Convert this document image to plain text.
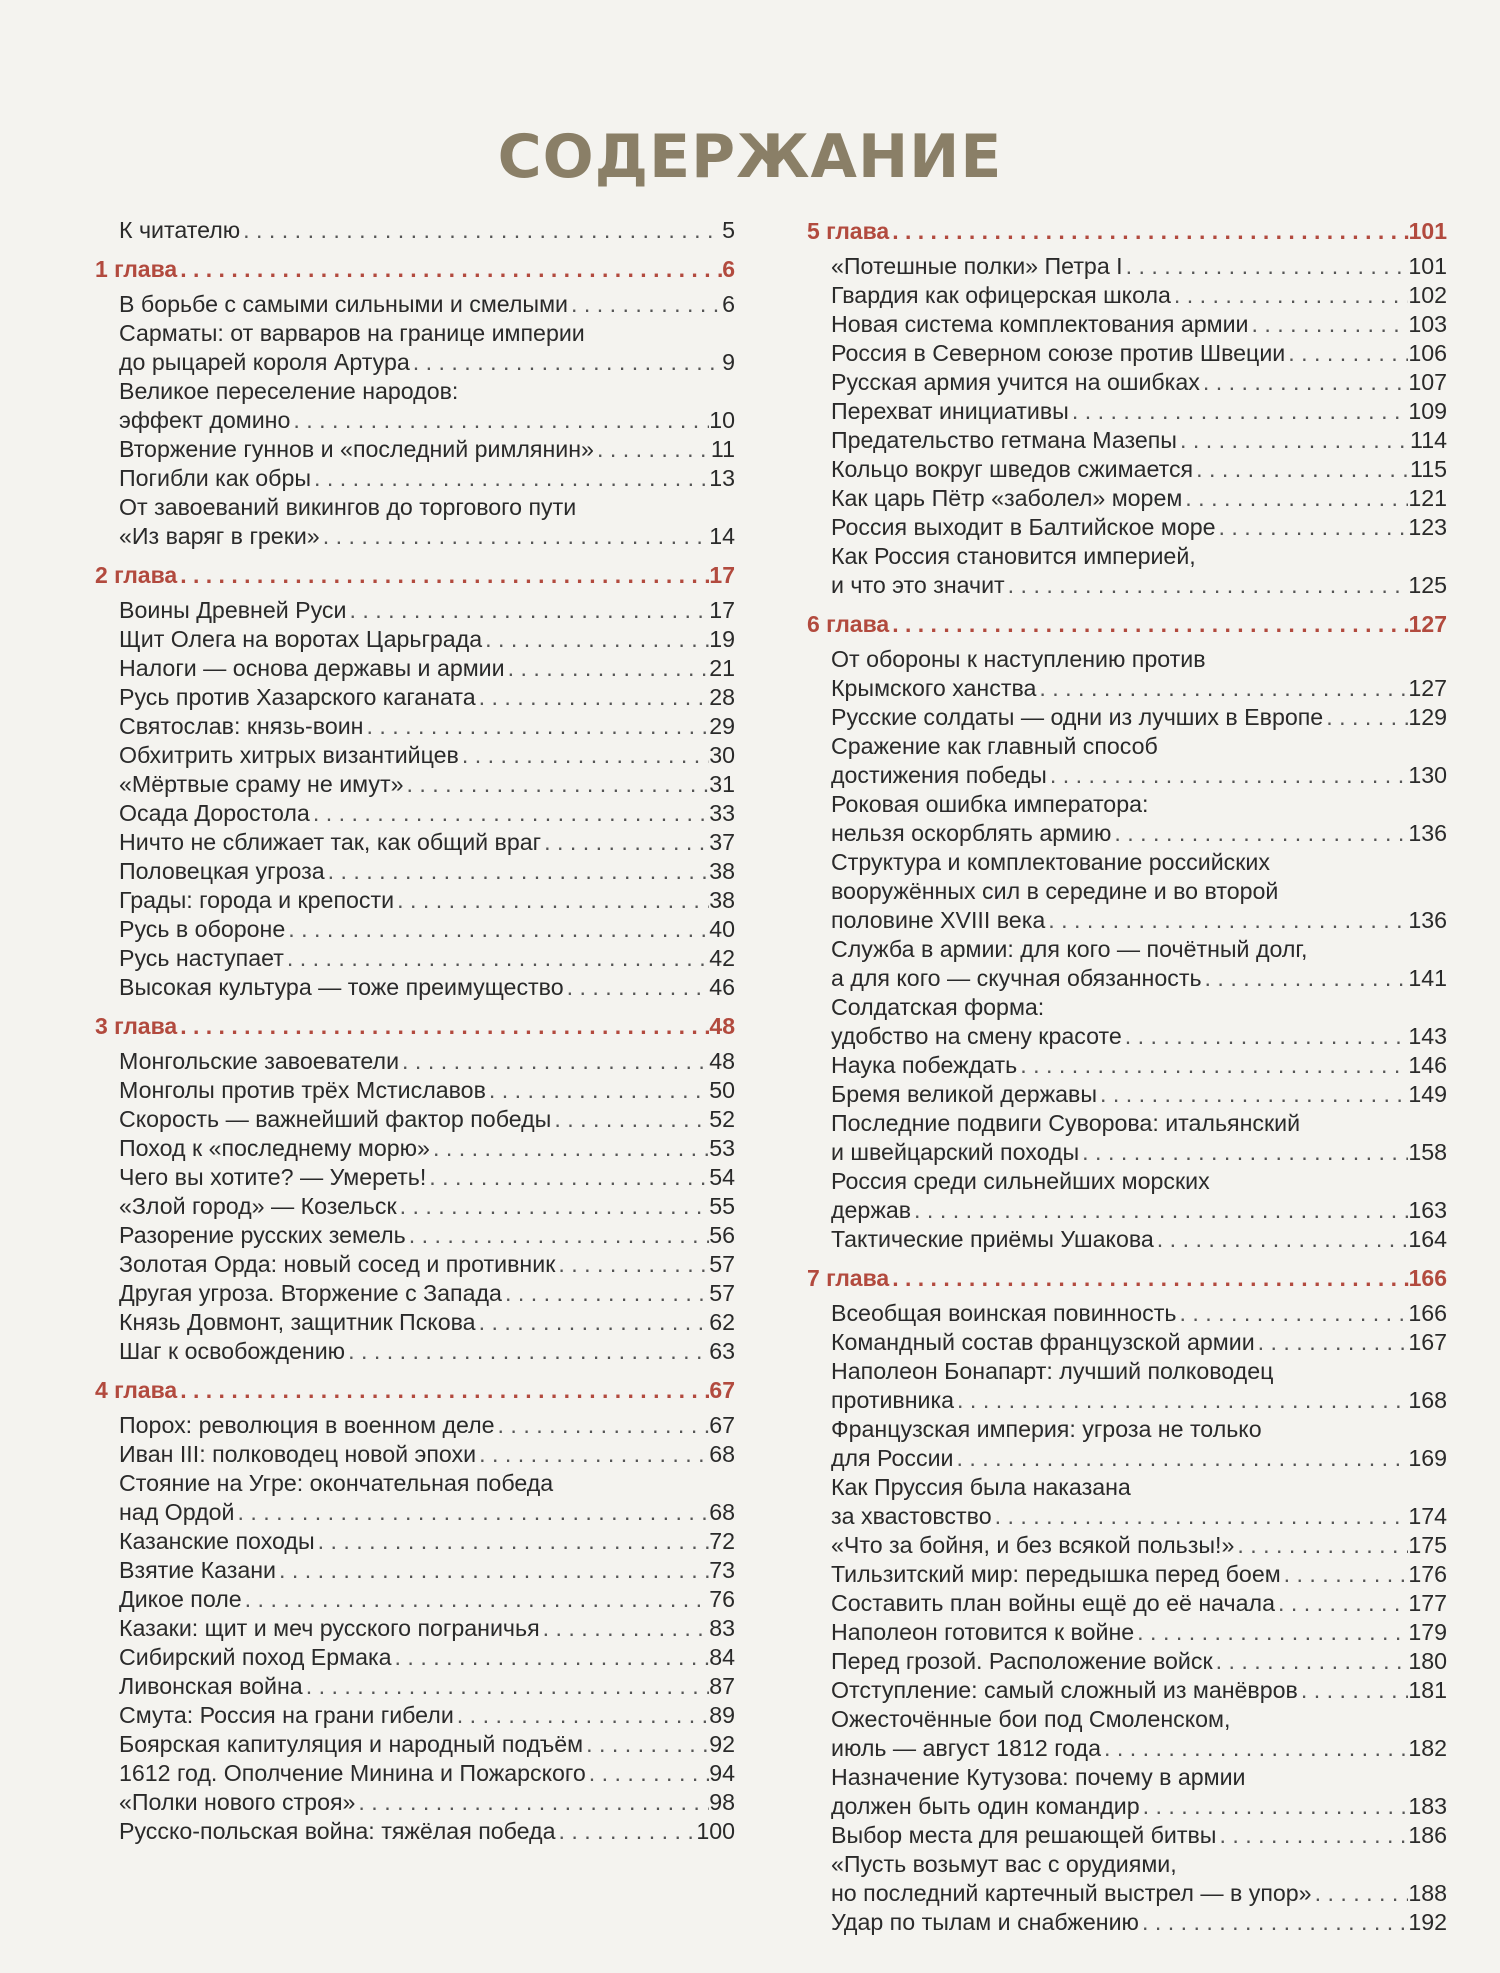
СОДЕРЖАНИЕ
К читателю . . .	5
1 глава . . .	6
В борьбе с самыми сильными и смелыми . . .	6
Сарматы: от варваров на границе империи
до рыцарей короля Артура . . .	9
Великое переселение народов:
эффект домино . . .	10
Вторжение гуннов и «последний римлянин» . . .	11
Погибли как обры . . .	13
От завоеваний викингов до торгового пути
«Из варяг в греки» . . .	14
2 глава . . .	17
Воины Древней Руси . . .	17
Щит Олега на воротах Царьграда . . .	19
Налоги — основа державы и армии . . .	21
Русь против Хазарского каганата . . .	28
Святослав: князь-воин . . .	29
Обхитрить хитрых византийцев . . .	30
«Мёртвые сраму не имут» . . .	31
Осада Доростола . . .	33
Ничто не сближает так, как общий враг . . .	37
Половецкая угроза . . .	38
Грады: города и крепости . . .	38
Русь в обороне . . .	40
Русь наступает . . .	42
Высокая культура — тоже преимущество . . .	46
3 глава . . .	48
Монгольские завоеватели . . .	48
Монголы против трёх Мстиславов . . .	50
Скорость — важнейший фактор победы . . .	52
Поход к «последнему морю» . . .	53
Чего вы хотите? — Умереть! . . .	54
«Злой город» — Козельск . . .	55
Разорение русских земель . . .	56
Золотая Орда: новый сосед и противник . . .	57
Другая угроза. Вторжение с Запада . . .	57
Князь Довмонт, защитник Пскова . . .	62
Шаг к освобождению . . .	63
4 глава . . .	67
Порох: революция в военном деле . . .	67
Иван III: полководец новой эпохи . . .	68
Стояние на Угре: окончательная победа
над Ордой . . .	68
Казанские походы . . .	72
Взятие Казани . . .	73
Дикое поле . . .	76
Казаки: щит и меч русского пограничья . . .	83
Сибирский поход Ермака . . .	84
Ливонская война . . .	87
Смута: Россия на грани гибели . . .	89
Боярская капитуляция и народный подъём . . .	92
1612 год. Ополчение Минина и Пожарского . . .	94
«Полки нового строя» . . .	98
Русско-польская война: тяжёлая победа . . .	100
5 глава . . .	101
«Потешные полки» Петра I . . .	101
Гвардия как офицерская школа . . .	102
Новая система комплектования армии . . .	103
Россия в Северном союзе против Швеции . . .	106
Русская армия учится на ошибках . . .	107
Перехват инициативы . . .	109
Предательство гетмана Мазепы . . .	114
Кольцо вокруг шведов сжимается . . .	115
Как царь Пётр «заболел» морем . . .	121
Россия выходит в Балтийское море . . .	123
Как Россия становится империей,
и что это значит . . .	125
6 глава . . .	127
От обороны к наступлению против
Крымского ханства . . .	127
Русские солдаты — одни из лучших в Европе . . .	129
Сражение как главный способ
достижения победы . . .	130
Роковая ошибка императора:
нельзя оскорблять армию . . .	136
Структура и комплектование российских
вооружённых сил в середине и во второй
половине XVIII века . . .	136
Служба в армии: для кого — почётный долг,
а для кого — скучная обязанность . . .	141
Солдатская форма:
удобство на смену красоте . . .	143
Наука побеждать . . .	146
Бремя великой державы . . .	149
Последние подвиги Суворова: итальянский
и швейцарский походы . . .	158
Россия среди сильнейших морских
держав . . .	163
Тактические приёмы Ушакова . . .	164
7 глава . . .	166
Всеобщая воинская повинность . . .	166
Командный состав французской армии . . .	167
Наполеон Бонапарт: лучший полководец
противника . . .	168
Французская империя: угроза не только
для России . . .	169
Как Пруссия была наказана
за хвастовство . . .	174
«Что за бойня, и без всякой пользы!» . . .	175
Тильзитский мир: передышка перед боем . . .	176
Составить план войны ещё до её начала . . .	177
Наполеон готовится к войне . . .	179
Перед грозой. Расположение войск . . .	180
Отступление: самый сложный из манёвров . . .	181
Ожесточённые бои под Смоленском,
июль — август 1812 года . . .	182
Назначение Кутузова: почему в армии
должен быть один командир . . .	183
Выбор места для решающей битвы . . .	186
«Пусть возьмут вас с орудиями,
но последний картечный выстрел — в упор» . . .	188
Удар по тылам и снабжению . . .	192
